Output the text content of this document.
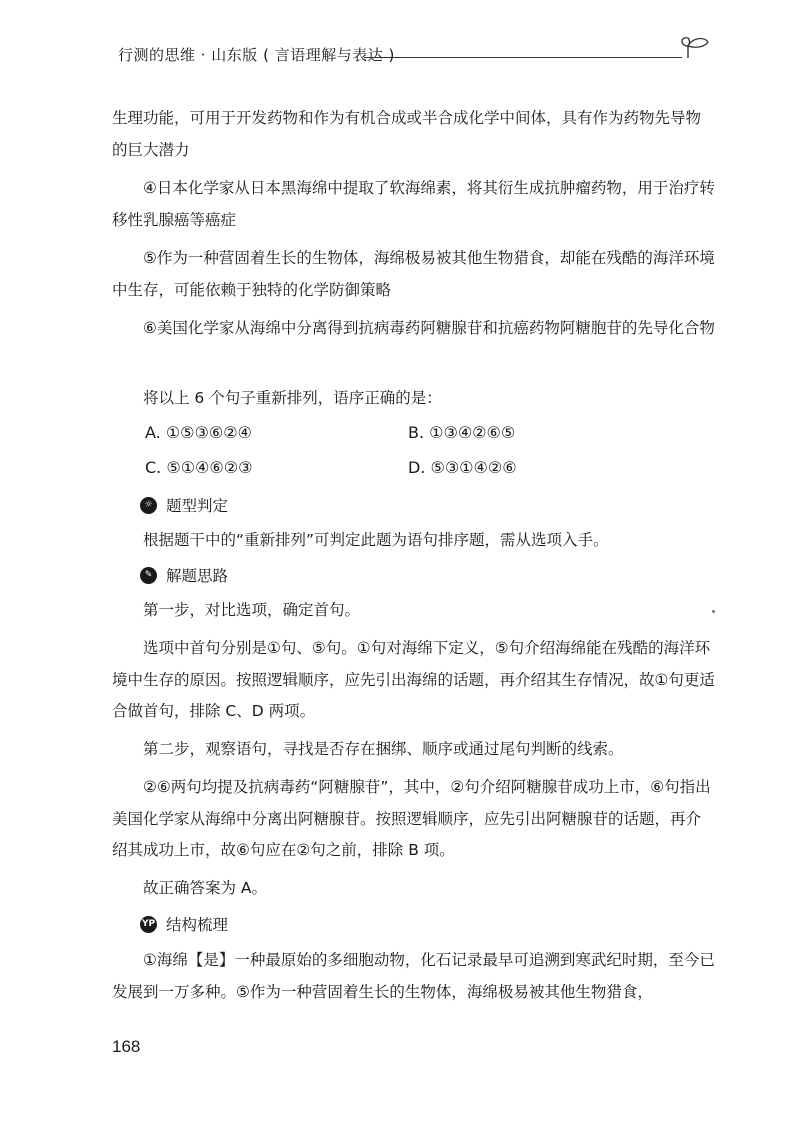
行测的思维 · 山东版 ( 言语理解与表达 )

生理功能，可用于开发药物和作为有机合成或半合成化学中间体，具有作为药物先导物的巨大潜力

④日本化学家从日本黑海绵中提取了软海绵素，将其衍生成抗肿瘤药物，用于治疗转移性乳腺癌等癌症

⑤作为一种营固着生长的生物体，海绵极易被其他生物猎食，却能在残酷的海洋环境中生存，可能依赖于独特的化学防御策略

⑥美国化学家从海绵中分离得到抗病毒药阿糖腺苷和抗癌药物阿糖胞苷的先导化合物

将以上 6 个句子重新排列，语序正确的是：

A. ①⑤③⑥②④	B. ①③④②⑥⑤
C. ⑤①④⑥②③	D. ⑤③①④②⑥
☼ 题型判定

根据题干中的“重新排列”可判定此题为语句排序题，需从选项入手。

✎ 解题思路

第一步，对比选项，确定首句。

选项中首句分别是①句、⑤句。①句对海绵下定义，⑤句介绍海绵能在残酷的海洋环境中生存的原因。按照逻辑顺序，应先引出海绵的话题，再介绍其生存情况，故①句更适合做首句，排除 C、D 两项。

第二步，观察语句，寻找是否存在捆绑、顺序或通过尾句判断的线索。

②⑥两句均提及抗病毒药“阿糖腺苷”，其中，②句介绍阿糖腺苷成功上市，⑥句指出美国化学家从海绵中分离出阿糖腺苷。按照逻辑顺序，应先引出阿糖腺苷的话题，再介绍其成功上市，故⑥句应在②句之前，排除 B 项。

故正确答案为 A。

YP 结构梳理

①海绵【是】一种最原始的多细胞动物，化石记录最早可追溯到寒武纪时期，至今已发展到一万多种。⑤作为一种营固着生长的生物体，海绵极易被其他生物猎食，

168
